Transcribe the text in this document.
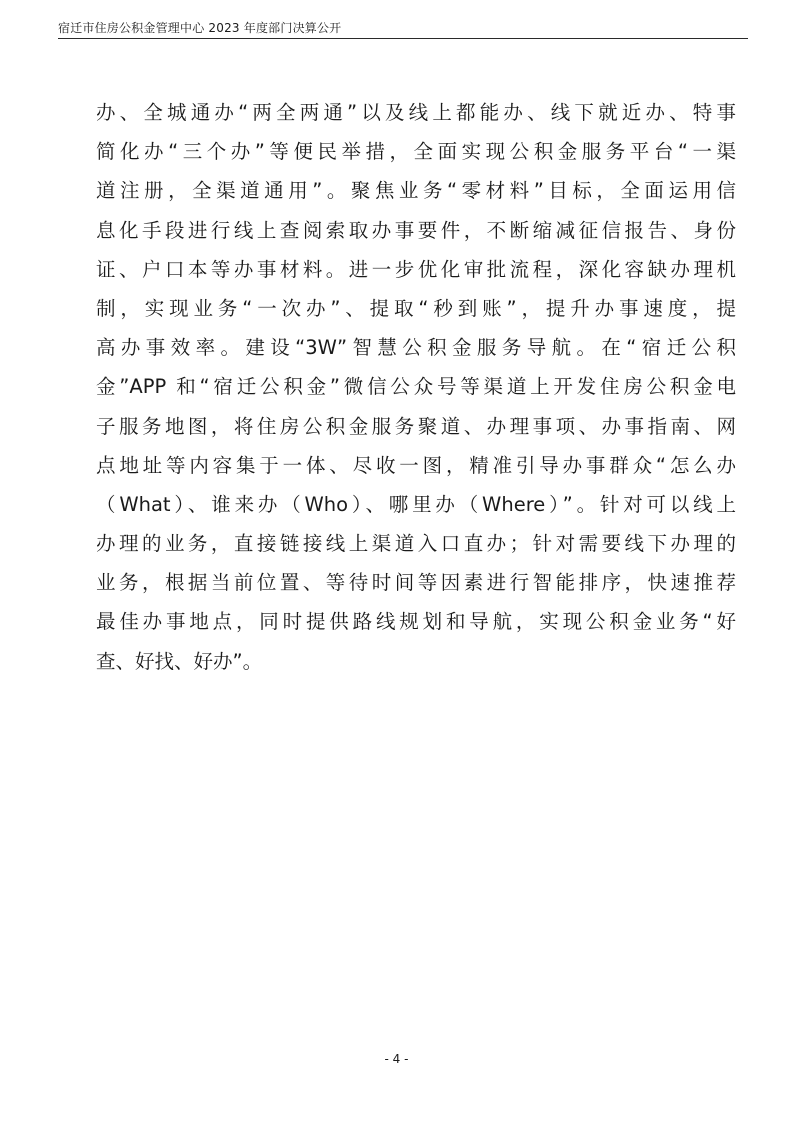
宿迁市住房公积金管理中心 2023 年度部门决算公开
办、全城通办“两全两通”以及线上都能办、线下就近办、特事
简化办“三个办”等便民举措，全面实现公积金服务平台“一渠
道注册，全渠道通用”。聚焦业务“零材料”目标，全面运用信
息化手段进行线上查阅索取办事要件，不断缩减征信报告、身份
证、户口本等办事材料。进一步优化审批流程，深化容缺办理机
制，实现业务“一次办”、提取“秒到账”，提升办事速度，提
高办事效率。建设“3W”智慧公积金服务导航。在“宿迁公积
金”APP 和“宿迁公积金”微信公众号等渠道上开发住房公积金电
子服务地图，将住房公积金服务聚道、办理事项、办事指南、网
点地址等内容集于一体、尽收一图，精准引导办事群众“怎么办
（What）、谁来办（Who）、哪里办（Where）”。针对可以线上
办理的业务，直接链接线上渠道入口直办；针对需要线下办理的
业务，根据当前位置、等待时间等因素进行智能排序，快速推荐
最佳办事地点，同时提供路线规划和导航，实现公积金业务“好
查、好找、好办”。
- 4 -
